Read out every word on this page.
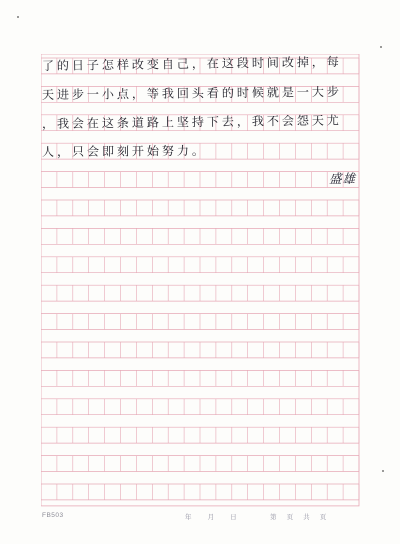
了的日子怎样改变自己，在这段时间改掉，每
天进步一小点，等我回头看的时候就是一大步
，我会在这条道路上坚持下去，我不会怨天尤
人，只会即刻开始努力。
盛雄
FB503	年 月 日	第 页 共 页
